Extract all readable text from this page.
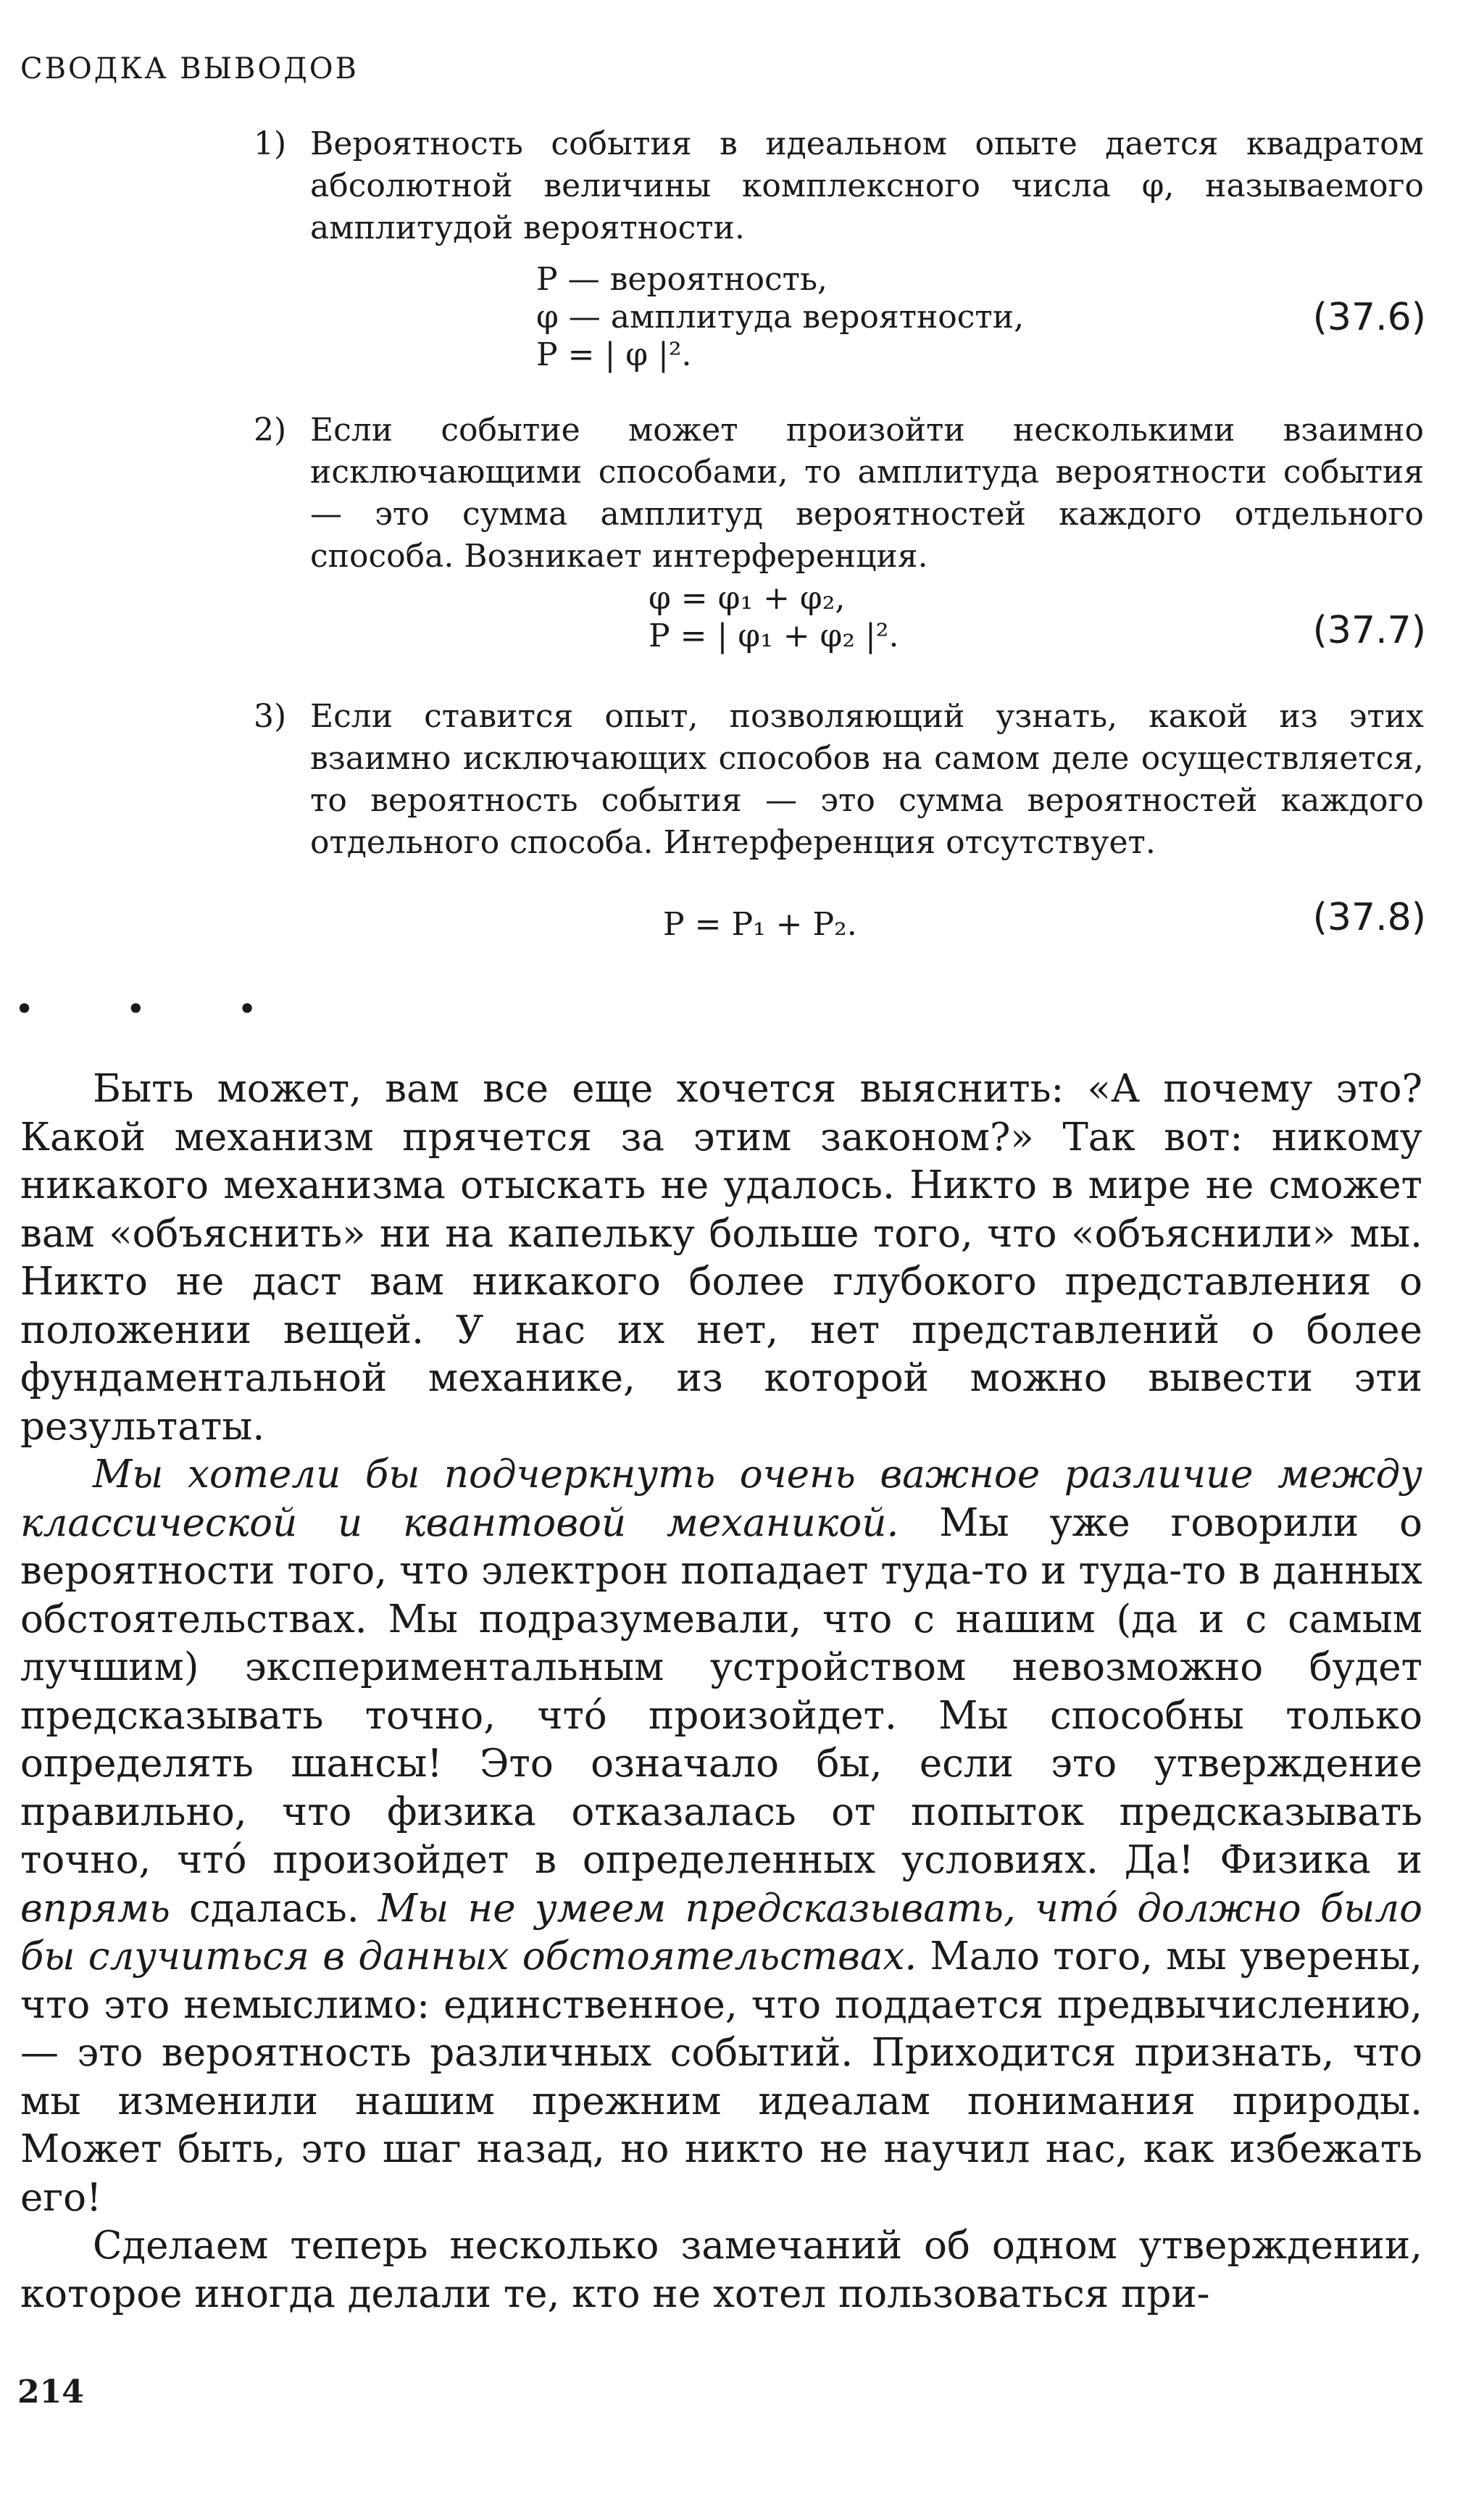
СВОДКА ВЫВОДОВ
1) Вероятность события в идеальном опыте дается квадратом абсолютной величины комплексного числа φ, называемого амплитудой вероятности.
P — вероятность,
φ — амплитуда вероятности,
P = | φ |².
(37.6)
2) Если событие может произойти несколькими взаимно исключающими способами, то амплитуда вероятности события — это сумма амплитуд вероятностей каждого отдельного способа. Возникает интерференция.
φ = φ₁ + φ₂,
P = | φ₁ + φ₂ |².	(37.7)
3) Если ставится опыт, позволяющий узнать, какой из этих взаимно исключающих способов на самом деле осуществляется, то вероятность события — это сумма вероятностей каждого отдельного способа. Интерференция отсутствует.
P = P₁ + P₂.	(37.8)
• • •

Быть может, вам все еще хочется выяснить: «А почему это? Какой механизм прячется за этим законом?» Так вот: никому никакого механизма отыскать не удалось. Никто в мире не сможет вам «объяснить» ни на капельку больше того, что «объяснили» мы. Никто не даст вам никакого более глубокого представления о положении вещей. У нас их нет, нет представлений о более фундаментальной механике, из которой можно вывести эти результаты.

Мы хотели бы подчеркнуть очень важное различие между классической и квантовой механикой. Мы уже говорили о вероятности того, что электрон попадает туда-то и туда-то в данных обстоятельствах. Мы подразумевали, что с нашим (да и с самым лучшим) экспериментальным устройством невозможно будет предсказывать точно, что́ произойдет. Мы способны только определять шансы! Это означало бы, если это утверждение правильно, что физика отказалась от попыток предсказывать точно, что́ произойдет в определенных условиях. Да! Физика и впрямь сдалась. Мы не умеем предсказывать, что́ должно было бы случиться в данных обстоятельствах. Мало того, мы уверены, что это немыслимо: единственное, что поддается предвычислению, — это вероятность различных событий. Приходится признать, что мы изменили нашим прежним идеалам понимания природы. Может быть, это шаг назад, но никто не научил нас, как избежать его!

Сделаем теперь несколько замечаний об одном утверждении, которое иногда делали те, кто не хотел пользоваться при-

214
